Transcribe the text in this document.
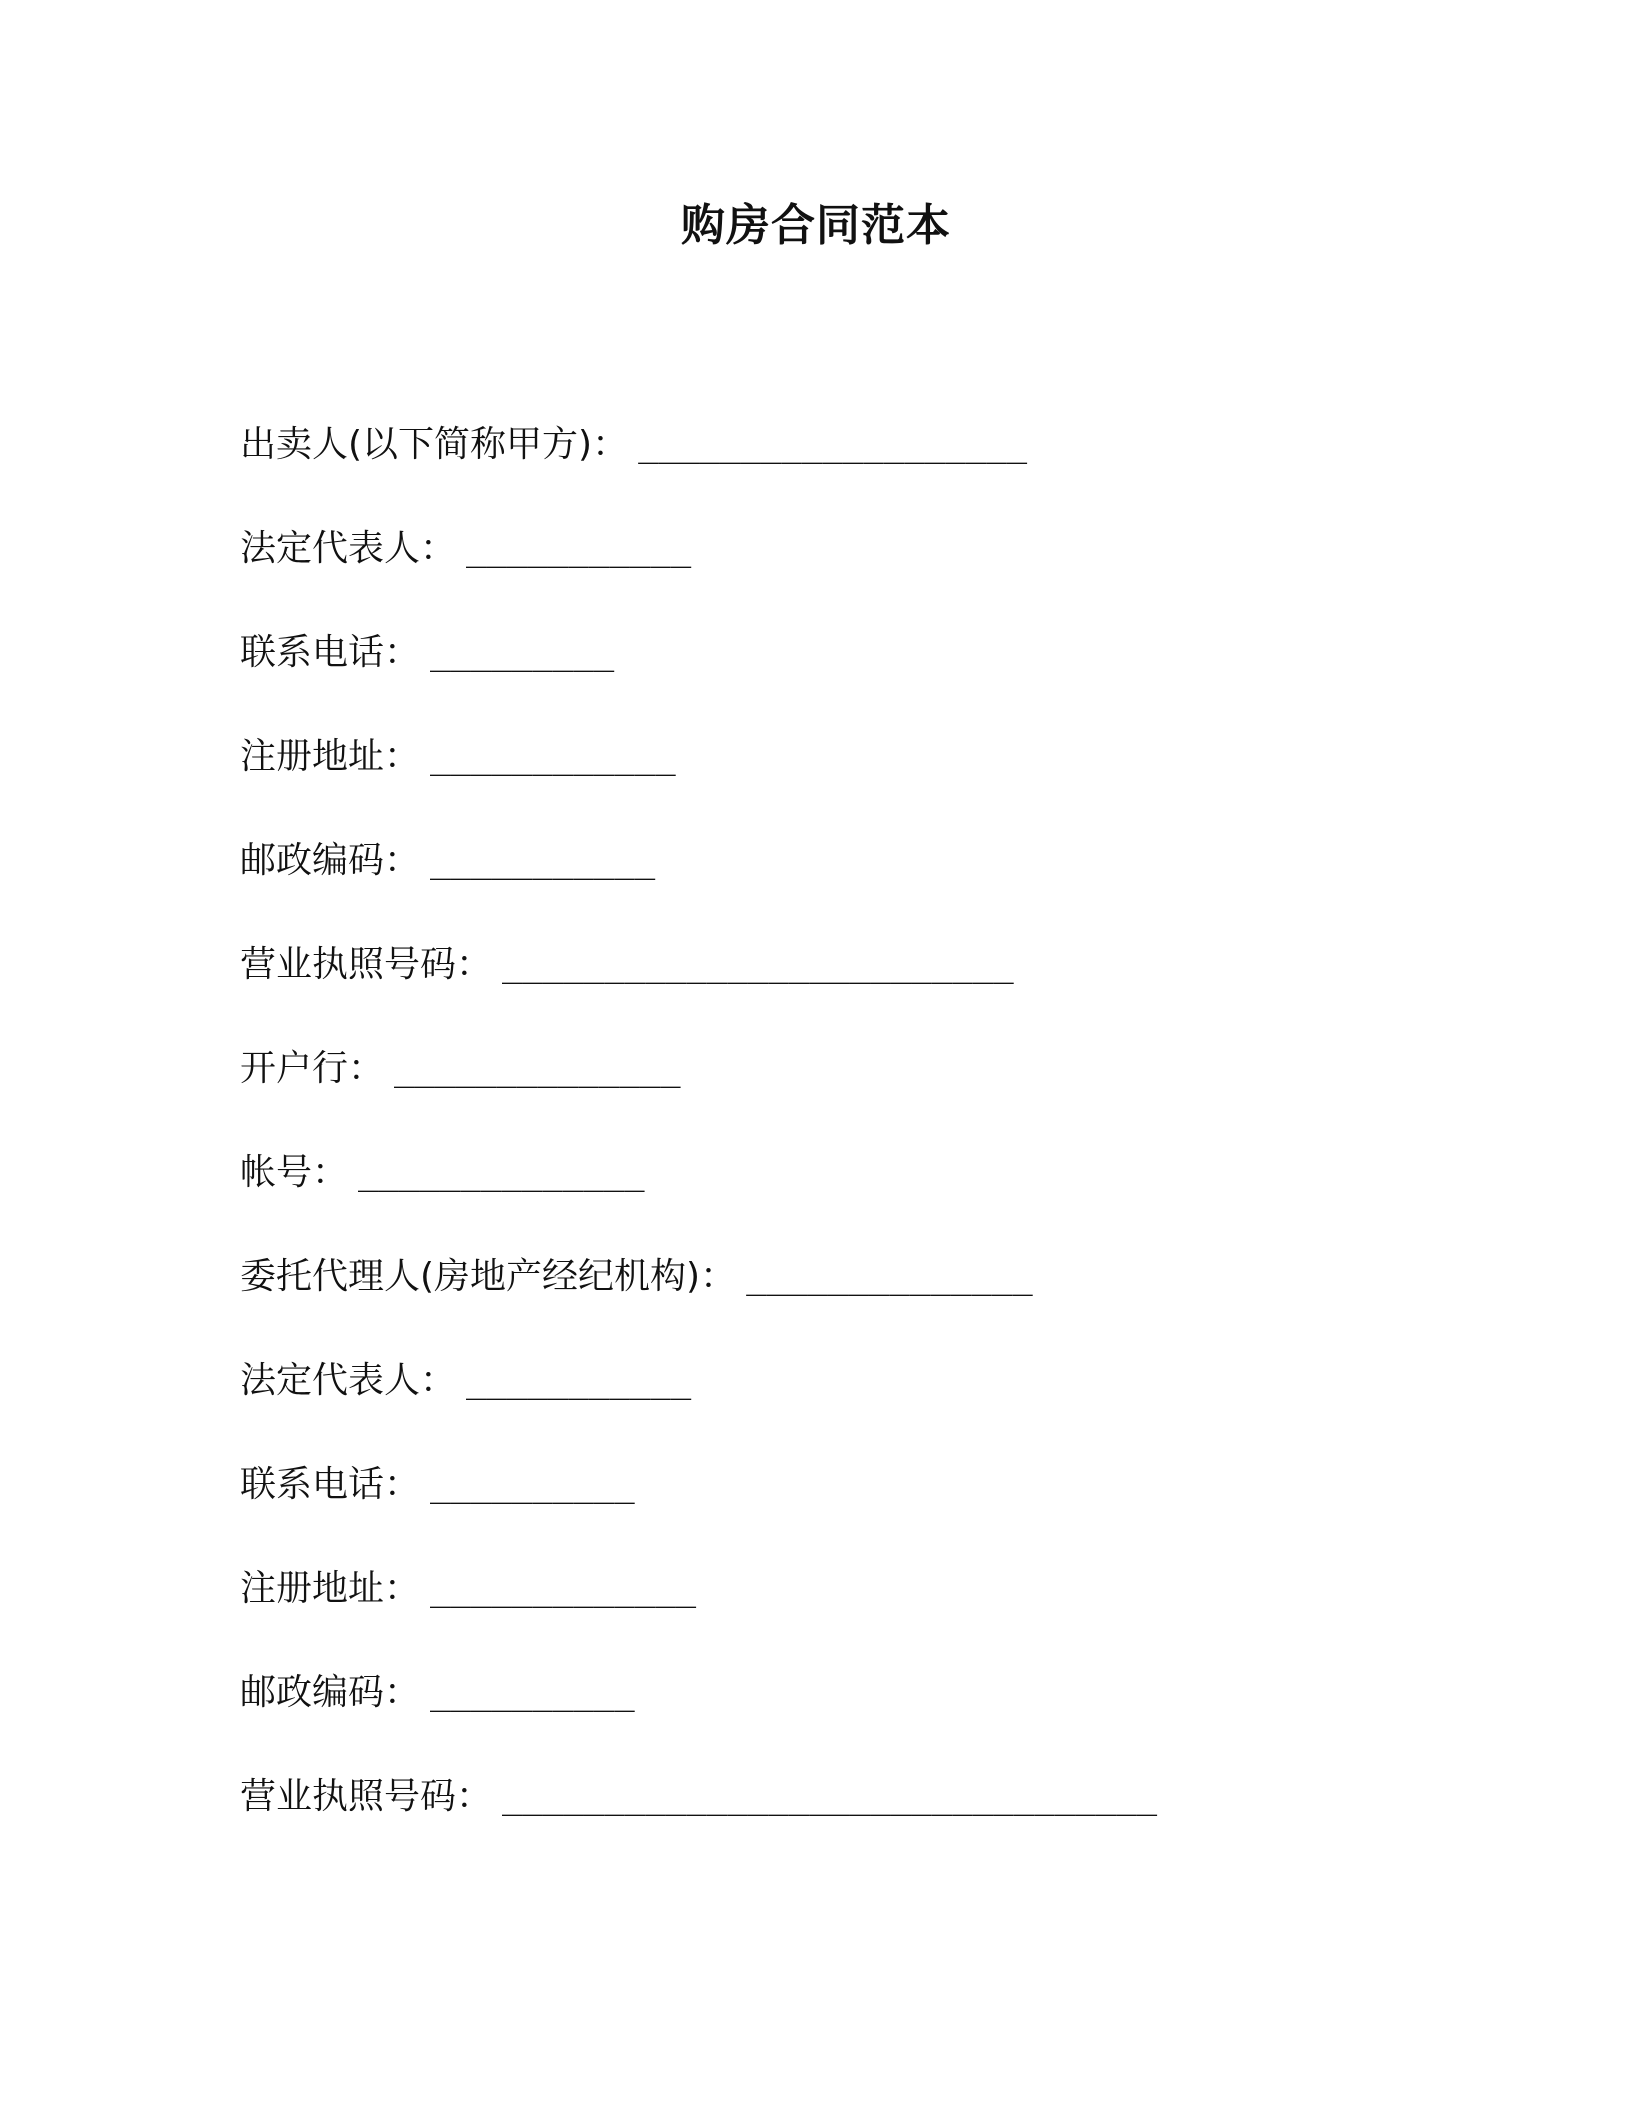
购房合同范本
出卖人(以下简称甲方) ： ___________________
法定代表人 ： ___________
联系电话 ： _________
注册地址 ： ____________
邮政编码 ： ___________
营业执照号码 ： _________________________
开户行 ： ______________
帐号 ： ______________
委托代理人(房地产经纪机构) ： ______________
法定代表人 ： ___________
联系电话 ： __________
注册地址 ： _____________
邮政编码 ： __________
营业执照号码 ： ________________________________
